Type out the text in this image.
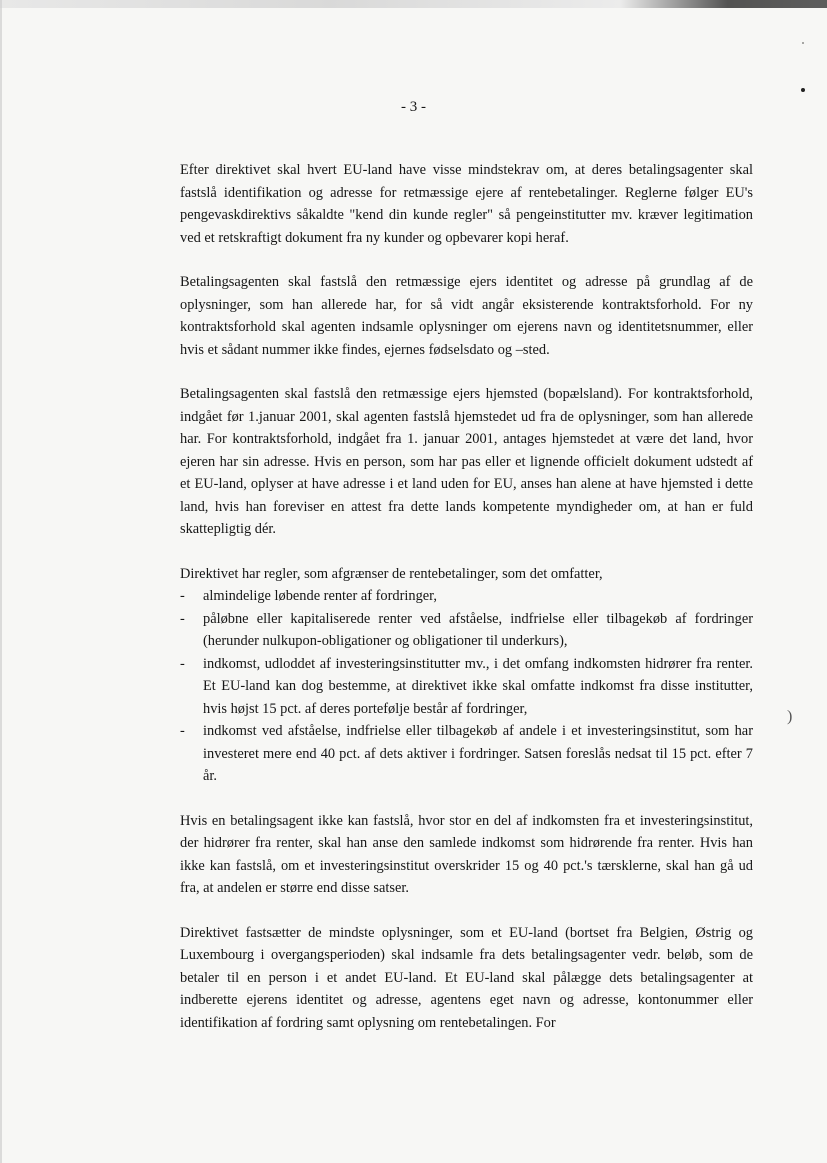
- 3 -

Efter direktivet skal hvert EU-land have visse mindstekrav om, at deres betalingsagenter skal fastslå identifikation og adresse for retmæssige ejere af rentebetalinger. Reglerne følger EU's pengevaskdirektivs såkaldte "kend din kunde regler" så pengeinstitutter mv. kræver legitimation ved et retskraftigt dokument fra ny kunder og opbevarer kopi heraf.

Betalingsagenten skal fastslå den retmæssige ejers identitet og adresse på grundlag af de oplysninger, som han allerede har, for så vidt angår eksisterende kontraktsforhold. For ny kontraktsforhold skal agenten indsamle oplysninger om ejerens navn og identitetsnummer, eller hvis et sådant nummer ikke findes, ejernes fødselsdato og –sted.

Betalingsagenten skal fastslå den retmæssige ejers hjemsted (bopælsland). For kontraktsforhold, indgået før 1.januar 2001, skal agenten fastslå hjemstedet ud fra de oplysninger, som han allerede har. For kontraktsforhold, indgået fra 1. januar 2001, antages hjemstedet at være det land, hvor ejeren har sin adresse. Hvis en person, som har pas eller et lignende officielt dokument udstedt af et EU-land, oplyser at have adresse i et land uden for EU, anses han alene at have hjemsted i dette land, hvis han foreviser en attest fra dette lands kompetente myndigheder om, at han er fuld skattepligtig dér.

Direktivet har regler, som afgrænser de rentebetalinger, som det omfatter,

- almindelige løbende renter af fordringer,
- påløbne eller kapitaliserede renter ved afståelse, indfrielse eller tilbagekøb af fordringer (herunder nulkupon-obligationer og obligationer til underkurs),
- indkomst, udloddet af investeringsinstitutter mv., i det omfang indkomsten hidrører fra renter. Et EU-land kan dog bestemme, at direktivet ikke skal omfatte indkomst fra disse institutter, hvis højst 15 pct. af deres portefølje består af fordringer,
- indkomst ved afståelse, indfrielse eller tilbagekøb af andele i et investeringsinstitut, som har investeret mere end 40 pct. af dets aktiver i fordringer. Satsen foreslås nedsat til 15 pct. efter 7 år.

Hvis en betalingsagent ikke kan fastslå, hvor stor en del af indkomsten fra et investeringsinstitut, der hidrører fra renter, skal han anse den samlede indkomst som hidrørende fra renter. Hvis han ikke kan fastslå, om et investeringsinstitut overskrider 15 og 40 pct.'s tærsklerne, skal han gå ud fra, at andelen er større end disse satser.

Direktivet fastsætter de mindste oplysninger, som et EU-land (bortset fra Belgien, Østrig og Luxembourg i overgangsperioden) skal indsamle fra dets betalingsagenter vedr. beløb, som de betaler til en person i et andet EU-land. Et EU-land skal pålægge dets betalingsagenter at indberette ejerens identitet og adresse, agentens eget navn og adresse, kontonummer eller identifikation af fordring samt oplysning om rentebetalingen. For

)
